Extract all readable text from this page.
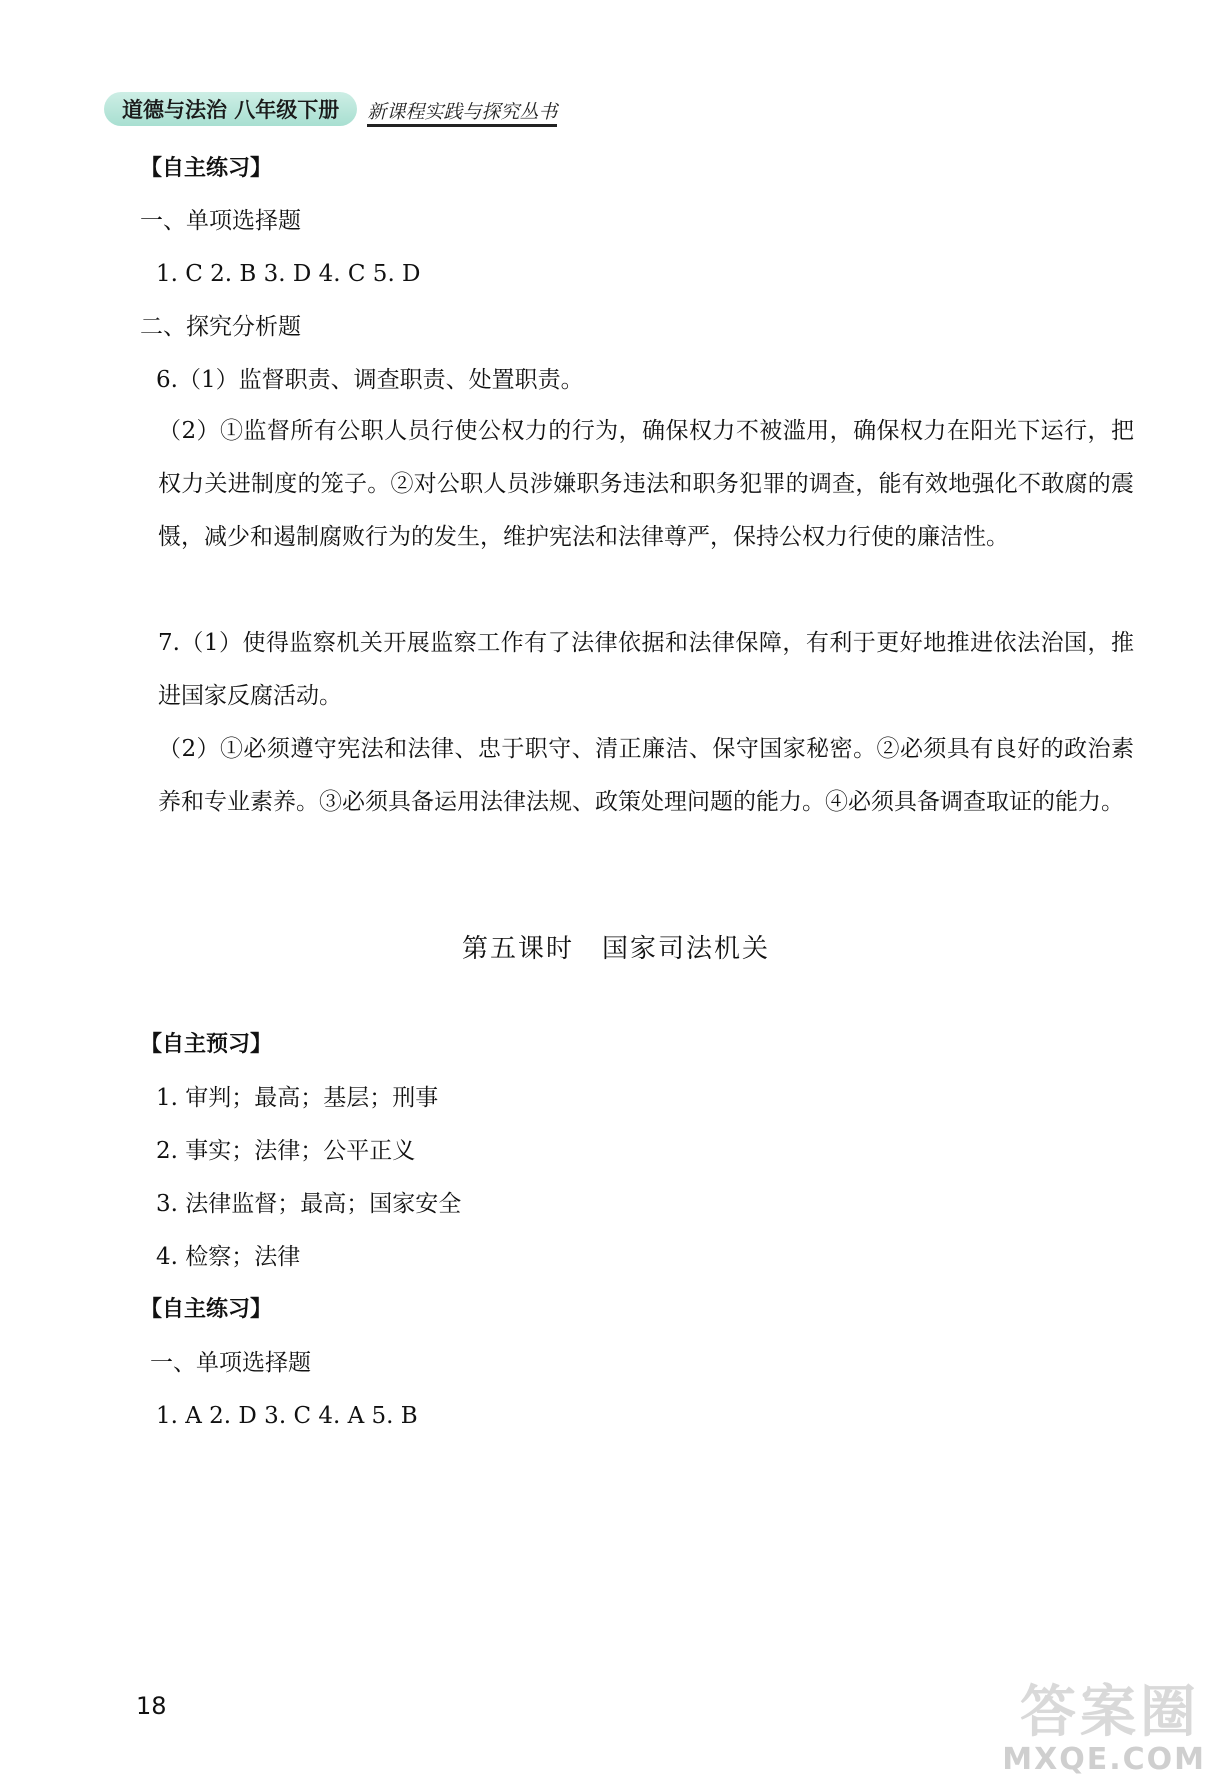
道德与法治 八年级下册	新课程实践与探究丛书
【自主练习】
一、单项选择题
1. C 2. B 3. D 4. C 5. D
二、探究分析题
6.（1）监督职责、调查职责、处置职责。
（2）①监督所有公职人员行使公权力的行为，确保权力不被滥用，确保权力在阳光下运行，把权力关进制度的笼子。②对公职人员涉嫌职务违法和职务犯罪的调查，能有效地强化不敢腐的震慑，减少和遏制腐败行为的发生，维护宪法和法律尊严，保持公权力行使的廉洁性。
7.（1）使得监察机关开展监察工作有了法律依据和法律保障，有利于更好地推进依法治国，推进国家反腐活动。
（2）①必须遵守宪法和法律、忠于职守、清正廉洁、保守国家秘密。②必须具有良好的政治素养和专业素养。③必须具备运用法律法规、政策处理问题的能力。④必须具备调查取证的能力。
第五课时　国家司法机关
【自主预习】
1. 审判；最高；基层；刑事
2. 事实；法律；公平正义
3. 法律监督；最高；国家安全
4. 检察；法律
【自主练习】
一、单项选择题
1. A 2. D 3. C 4. A 5. B
18	答案圈
MXQE.COM
